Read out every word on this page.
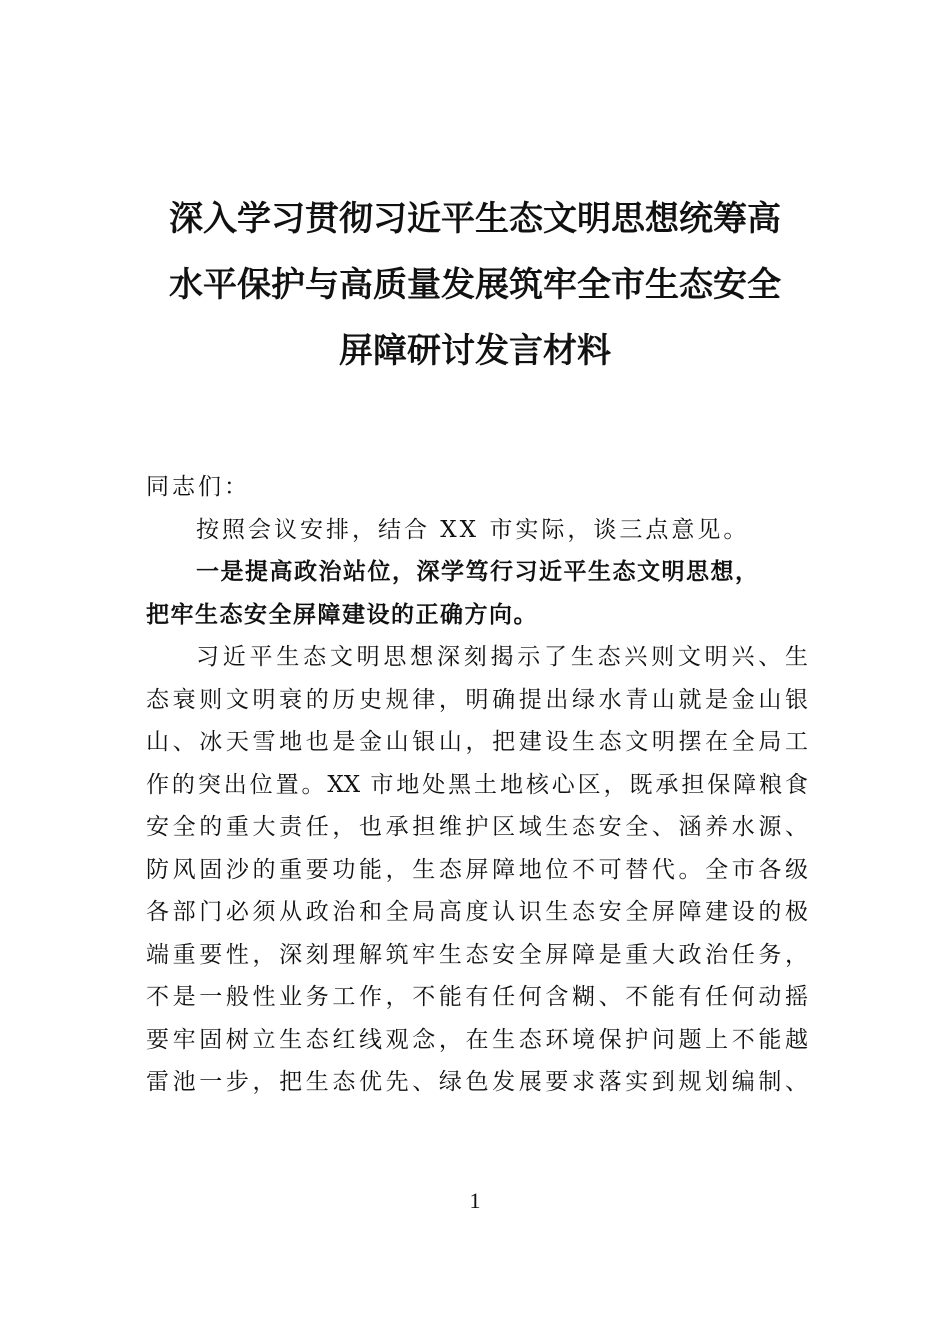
深入学习贯彻习近平生态文明思想统筹高
水平保护与高质量发展筑牢全市生态安全
屏障研讨发言材料
同志们：
按照会议安排，结合 XX 市实际，谈三点意见。
一是提高政治站位，深学笃行习近平生态文明思想，
把牢生态安全屏障建设的正确方向。
习近平生态文明思想深刻揭示了生态兴则文明兴、生
态衰则文明衰的历史规律，明确提出绿水青山就是金山银
山、冰天雪地也是金山银山，把建设生态文明摆在全局工
作的突出位置。XX 市地处黑土地核心区，既承担保障粮食
安全的重大责任，也承担维护区域生态安全、涵养水源、
防风固沙的重要功能，生态屏障地位不可替代。全市各级
各部门必须从政治和全局高度认识生态安全屏障建设的极
端重要性，深刻理解筑牢生态安全屏障是重大政治任务，
不是一般性业务工作，不能有任何含糊、不能有任何动摇
要牢固树立生态红线观念，在生态环境保护问题上不能越
雷池一步，把生态优先、绿色发展要求落实到规划编制、
1
